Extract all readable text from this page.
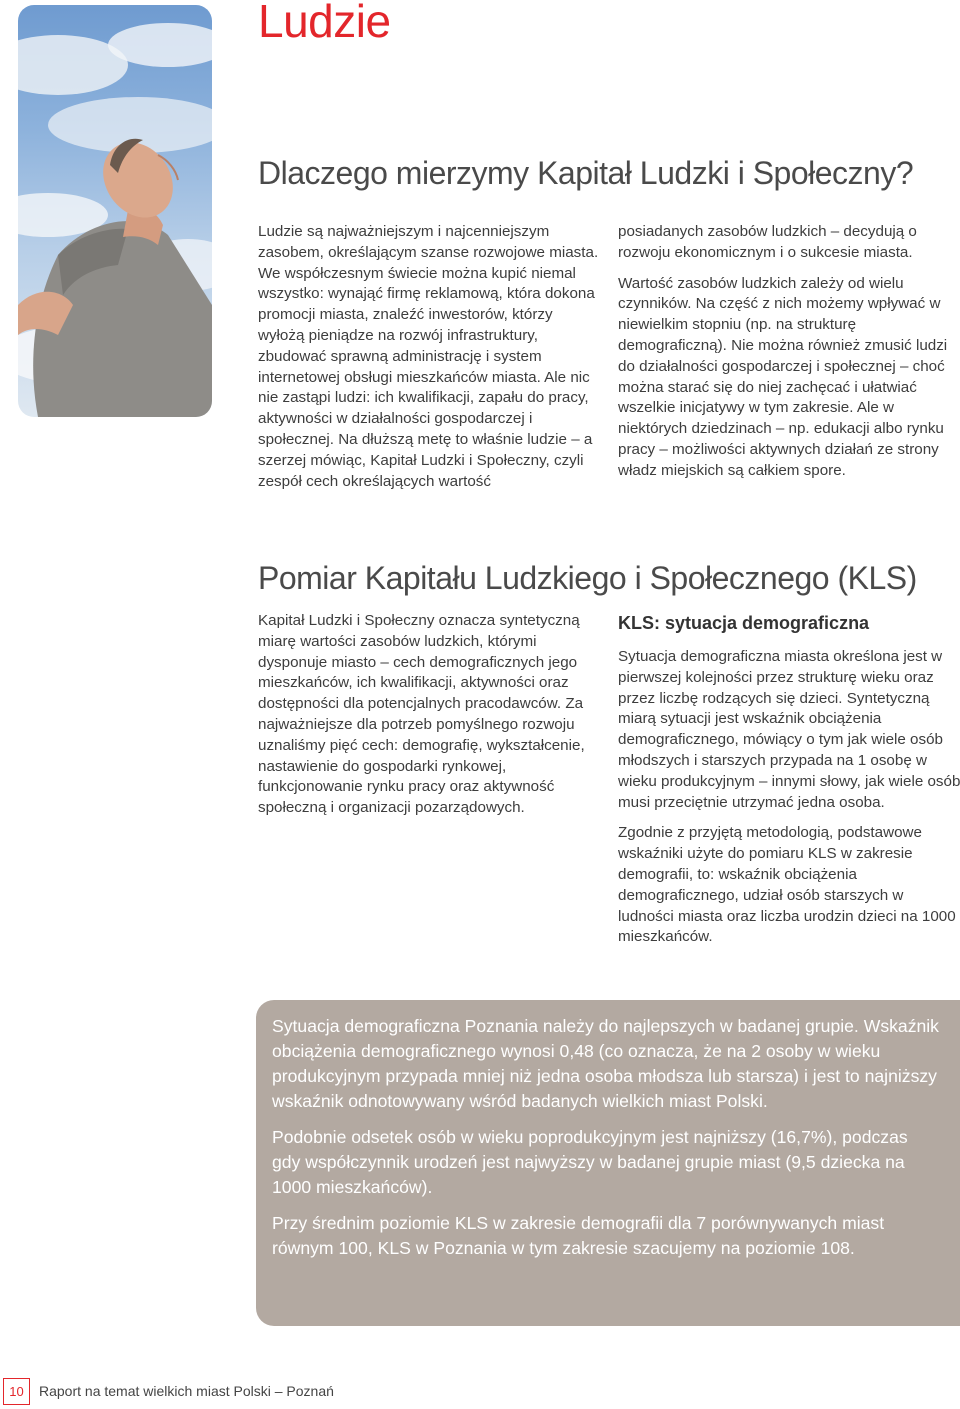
Ludzie
Dlaczego mierzymy Kapitał Ludzki i Społeczny?

Ludzie są najważniejszym i najcenniejszym zasobem, określającym szanse rozwojowe miasta. We współczesnym świecie można kupić niemal wszystko: wynająć firmę reklamową, która dokona promocji miasta, znaleźć inwestorów, którzy wyłożą pieniądze na rozwój infrastruktury, zbudować sprawną administrację i system internetowej obsługi mieszkańców miasta. Ale nic nie zastąpi ludzi: ich kwalifikacji, zapału do pracy, aktywności w działalności gospodarczej i społecznej. Na dłuższą metę to właśnie ludzie – a szerzej mówiąc, Kapitał Ludzki i Społeczny, czyli zespół cech określających wartość

posiadanych zasobów ludzkich – decydują o rozwoju ekonomicznym i o sukcesie miasta.

Wartość zasobów ludzkich zależy od wielu czynników. Na część z nich możemy wpływać w niewielkim stopniu (np. na strukturę demograficzną). Nie można również zmusić ludzi do działalności gospodarczej i społecznej – choć można starać się do niej zachęcać i ułatwiać wszelkie inicjatywy w tym zakresie. Ale w niektórych dziedzinach – np. edukacji albo rynku pracy – możliwości aktywnych działań ze strony władz miejskich są całkiem spore.

Pomiar Kapitału Ludzkiego i Społecznego (KLS)

Kapitał Ludzki i Społeczny oznacza syntetyczną miarę wartości zasobów ludzkich, którymi dysponuje miasto – cech demograficznych jego mieszkańców, ich kwalifikacji, aktywności oraz dostępności dla potencjalnych pracodawców. Za najważniejsze dla potrzeb pomyślnego rozwoju uznaliśmy pięć cech: demografię, wykształcenie, nastawienie do gospodarki rynkowej, funkcjonowanie rynku pracy oraz aktywność społeczną i organizacji pozarządowych.

KLS: sytuacja demograficzna

Sytuacja demograficzna miasta określona jest w pierwszej kolejności przez strukturę wieku oraz przez liczbę rodzących się dzieci. Syntetyczną miarą sytuacji jest wskaźnik obciążenia demograficznego, mówiący o tym jak wiele osób młodszych i starszych przypada na 1 osobę w wieku produkcyjnym – innymi słowy, jak wiele osób musi przeciętnie utrzymać jedna osoba.

Zgodnie z przyjętą metodologią, podstawowe wskaźniki użyte do pomiaru KLS w zakresie demografii, to: wskaźnik obciążenia demograficznego, udział osób starszych w ludności miasta oraz liczba urodzin dzieci na 1000 mieszkańców.

Sytuacja demograficzna Poznania należy do najlepszych w badanej grupie. Wskaźnik obciążenia demograficznego wynosi 0,48 (co oznacza, że na 2 osoby w wieku produkcyjnym przypada mniej niż jedna osoba młodsza lub starsza) i jest to najniższy wskaźnik odnotowywany wśród badanych wielkich miast Polski.

Podobnie odsetek osób w wieku poprodukcyjnym jest najniższy (16,7%), podczas gdy współczynnik urodzeń jest najwyższy w badanej grupie miast (9,5 dziecka na 1000 mieszkańców).

Przy średnim poziomie KLS w zakresie demografii dla 7 porównywanych miast równym 100, KLS w Poznania w tym zakresie szacujemy na poziomie 108.

10	Raport na temat wielkich miast Polski – Poznań
